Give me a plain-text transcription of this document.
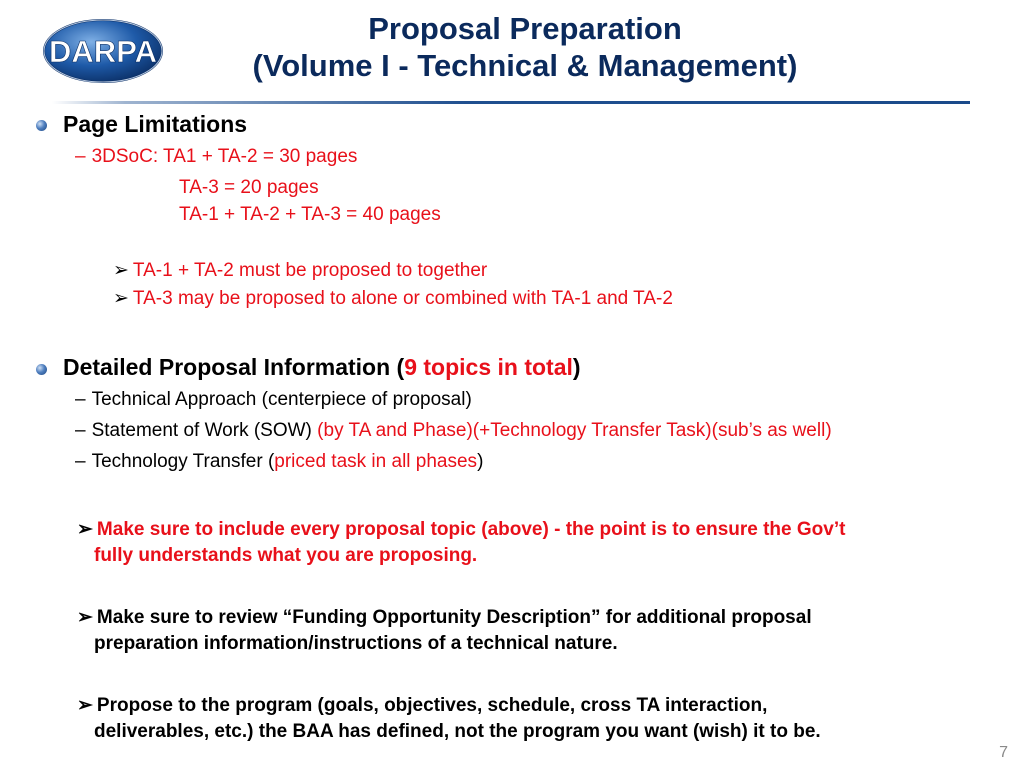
DARPA
Proposal Preparation
(Volume I - Technical & Management)
Page Limitations
– 3DSoC: TA1 + TA-2 = 30 pages
TA-3 = 20 pages
TA-1 + TA-2 + TA-3 = 40 pages
➢ TA-1 + TA-2 must be proposed to together
➢ TA-3 may be proposed to alone or combined with TA-1 and TA-2
Detailed Proposal Information (9 topics in total)
– Technical Approach (centerpiece of proposal)
– Statement of Work (SOW) (by TA and Phase)(+Technology Transfer Task)(sub’s as well)
– Technology Transfer (priced task in all phases)
➢ Make sure to include every proposal topic (above) - the point is to ensure the Gov’t
fully understands what you are proposing.
➢ Make sure to review “Funding Opportunity Description” for additional proposal
preparation information/instructions of a technical nature.
➢ Propose to the program (goals, objectives, schedule, cross TA interaction,
deliverables, etc.) the BAA has defined, not the program you want (wish) it to be.
7
